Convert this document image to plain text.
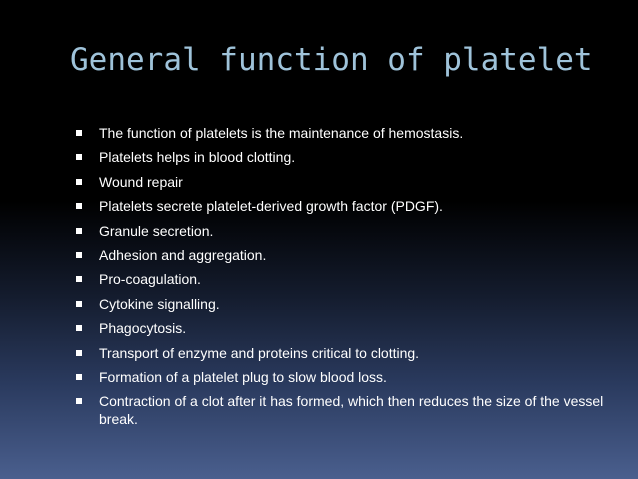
General function of platelet
The function of platelets is the maintenance of hemostasis.
Platelets helps in blood clotting.
Wound repair
Platelets secrete platelet-derived growth factor (PDGF).
Granule secretion.
Adhesion and aggregation.
Pro-coagulation.
Cytokine signalling.
Phagocytosis.
Transport of enzyme and proteins critical to clotting.
Formation of a platelet plug to slow blood loss.
Contraction of a clot after it has formed, which then reduces the size of the vessel break.
